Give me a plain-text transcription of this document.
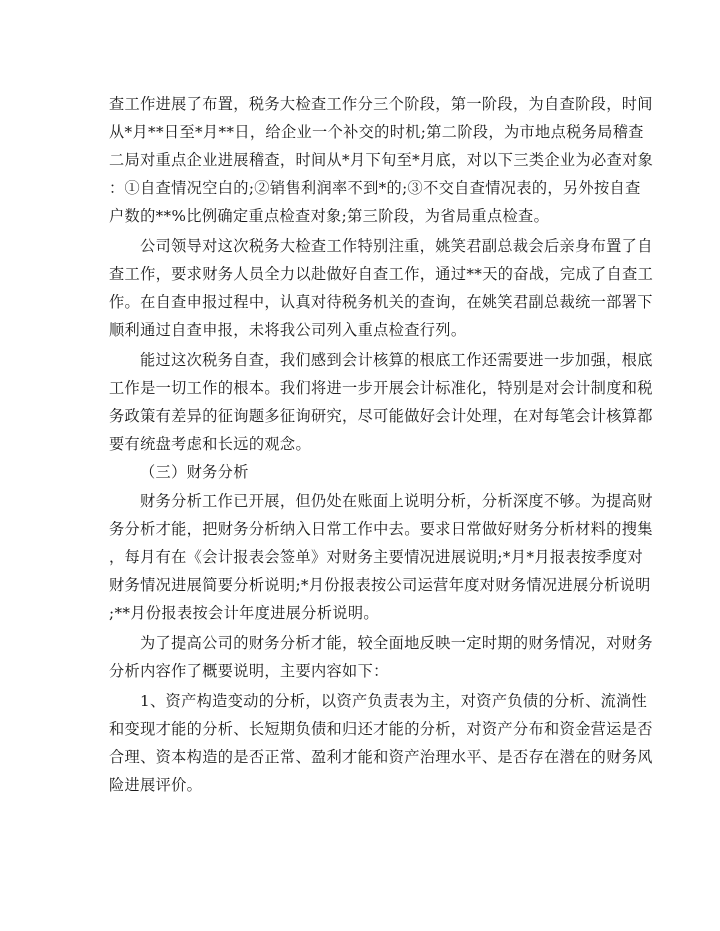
查工作进展了布置，税务大检查工作分三个阶段，第一阶段，为自查阶段，时间
从*月**日至*月**日，给企业一个补交的时机;第二阶段，为市地点税务局稽查
二局对重点企业进展稽查，时间从*月下旬至*月底，对以下三类企业为必查对象
：①自查情况空白的;②销售利润率不到*的;③不交自查情况表的，另外按自查
户数的**%比例确定重点检查对象;第三阶段，为省局重点检查。
公司领导对这次税务大检查工作特别注重，姚笑君副总裁会后亲身布置了自
查工作，要求财务人员全力以赴做好自查工作，通过**天的奋战，完成了自查工
作。在自查申报过程中，认真对待税务机关的查询，在姚笑君副总裁统一部署下
顺利通过自查申报，未将我公司列入重点检查行列。
能过这次税务自查，我们感到会计核算的根底工作还需要进一步加强，根底
工作是一切工作的根本。我们将进一步开展会计标准化，特别是对会计制度和税
务政策有差异的征询题多征询研究，尽可能做好会计处理，在对每笔会计核算都
要有统盘考虑和长远的观念。
（三）财务分析
财务分析工作已开展，但仍处在账面上说明分析，分析深度不够。为提高财
务分析才能，把财务分析纳入日常工作中去。要求日常做好财务分析材料的搜集
，每月有在《会计报表会签单》对财务主要情况进展说明;*月*月报表按季度对
财务情况进展简要分析说明;*月份报表按公司运营年度对财务情况进展分析说明
;**月份报表按会计年度进展分析说明。
为了提高公司的财务分析才能，较全面地反映一定时期的财务情况，对财务
分析内容作了概要说明，主要内容如下：
1、资产构造变动的分析，以资产负责表为主，对资产负债的分析、流淌性
和变现才能的分析、长短期负债和归还才能的分析，对资产分布和资金营运是否
合理、资本构造的是否正常、盈利才能和资产治理水平、是否存在潜在的财务风
险进展评价。
